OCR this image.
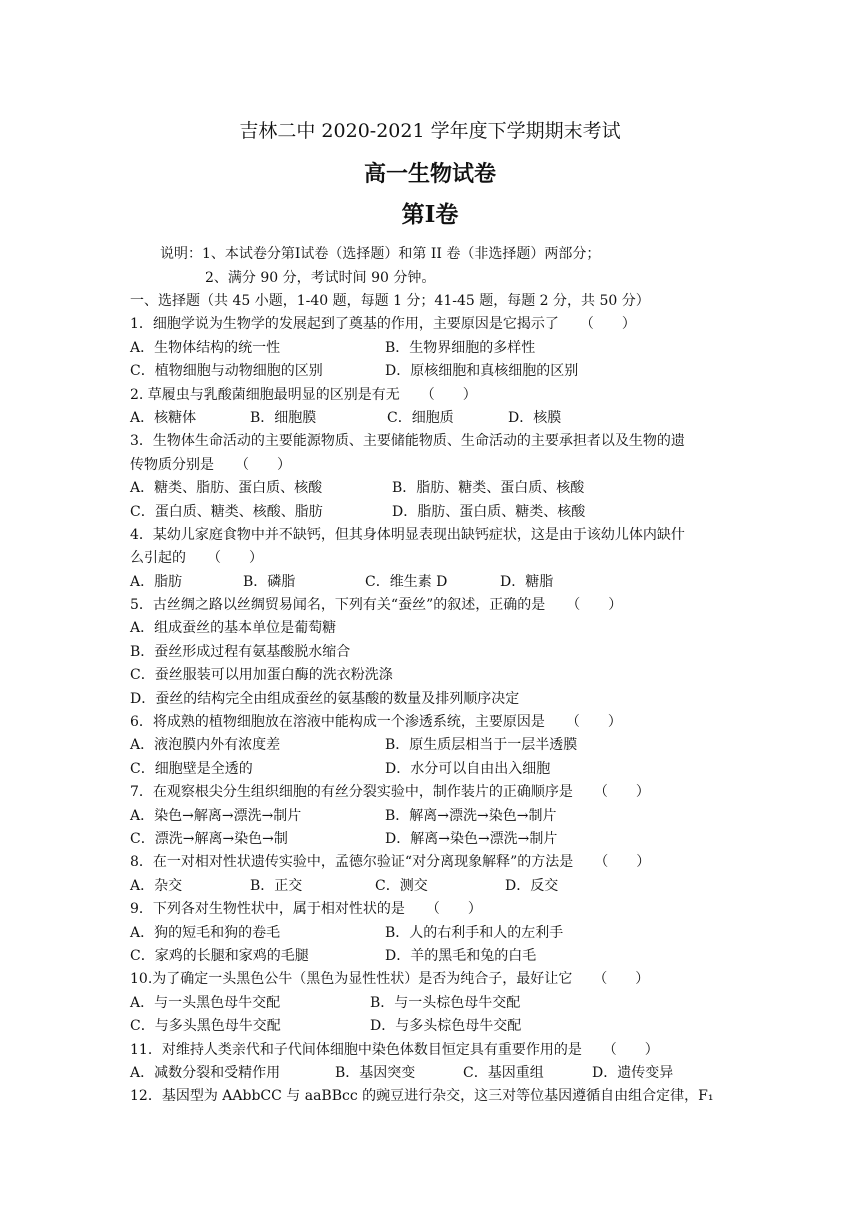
吉林二中 2020-2021 学年度下学期期末考试
高一生物试卷
第Ⅰ卷
说明：1、本试卷分第Ⅰ试卷（选择题）和第 II 卷（非选择题）两部分；
2、满分 90 分，考试时间 90 分钟。
一、选择题（共 45 小题，1-40 题，每题 1 分；41-45 题，每题 2 分，共 50 分）
1．细胞学说为生物学的发展起到了奠基的作用，主要原因是它揭示了　　（　　）
A．生物体结构的统一性	B．生物界细胞的多样性
C．植物细胞与动物细胞的区别	D．原核细胞和真核细胞的区别
2. 草履虫与乳酸菌细胞最明显的区别是有无　　（　　）
A．核糖体	B．细胞膜	C．细胞质	D．核膜
3．生物体生命活动的主要能源物质、主要储能物质、生命活动的主要承担者以及生物的遗
传物质分别是　　（　　）
A．糖类、脂肪、蛋白质、核酸	B．脂肪、糖类、蛋白质、核酸
C．蛋白质、糖类、核酸、脂肪	D．脂肪、蛋白质、糖类、核酸
4．某幼儿家庭食物中并不缺钙，但其身体明显表现出缺钙症状，这是由于该幼儿体内缺什
么引起的　　（　　）
A．脂肪	B．磷脂	C．维生素 D	D．糖脂
5．古丝绸之路以丝绸贸易闻名，下列有关“蚕丝”的叙述，正确的是　　（　　）
A．组成蚕丝的基本单位是葡萄糖
B．蚕丝形成过程有氨基酸脱水缩合
C．蚕丝服装可以用加蛋白酶的洗衣粉洗涤
D．蚕丝的结构完全由组成蚕丝的氨基酸的数量及排列顺序决定
6．将成熟的植物细胞放在溶液中能构成一个渗透系统，主要原因是　　（　　）
A．液泡膜内外有浓度差	B．原生质层相当于一层半透膜
C．细胞壁是全透的	D．水分可以自由出入细胞
7．在观察根尖分生组织细胞的有丝分裂实验中，制作装片的正确顺序是　　（　　）
A．染色→解离→漂洗→制片	B．解离→漂洗→染色→制片
C．漂洗→解离→染色→制	D．解离→染色→漂洗→制片
8．在一对相对性状遗传实验中，孟德尔验证“对分离现象解释”的方法是　　（　　）
A．杂交	B．正交	C．测交	D．反交
9．下列各对生物性状中，属于相对性状的是　　（　　）
A．狗的短毛和狗的卷毛	B．人的右利手和人的左利手
C．家鸡的长腿和家鸡的毛腿	D．羊的黑毛和兔的白毛
10.为了确定一头黑色公牛（黑色为显性性状）是否为纯合子，最好让它　　（　　）
A．与一头黑色母牛交配	B．与一头棕色母牛交配
C．与多头黑色母牛交配	D．与多头棕色母牛交配
11．对维持人类亲代和子代间体细胞中染色体数目恒定具有重要作用的是　　（　　）
A．减数分裂和受精作用	B．基因突变	C．基因重组	D．遗传变异
12．基因型为 AAbbCC 与 aaBBcc 的豌豆进行杂交，这三对等位基因遵循自由组合定律，F₁
